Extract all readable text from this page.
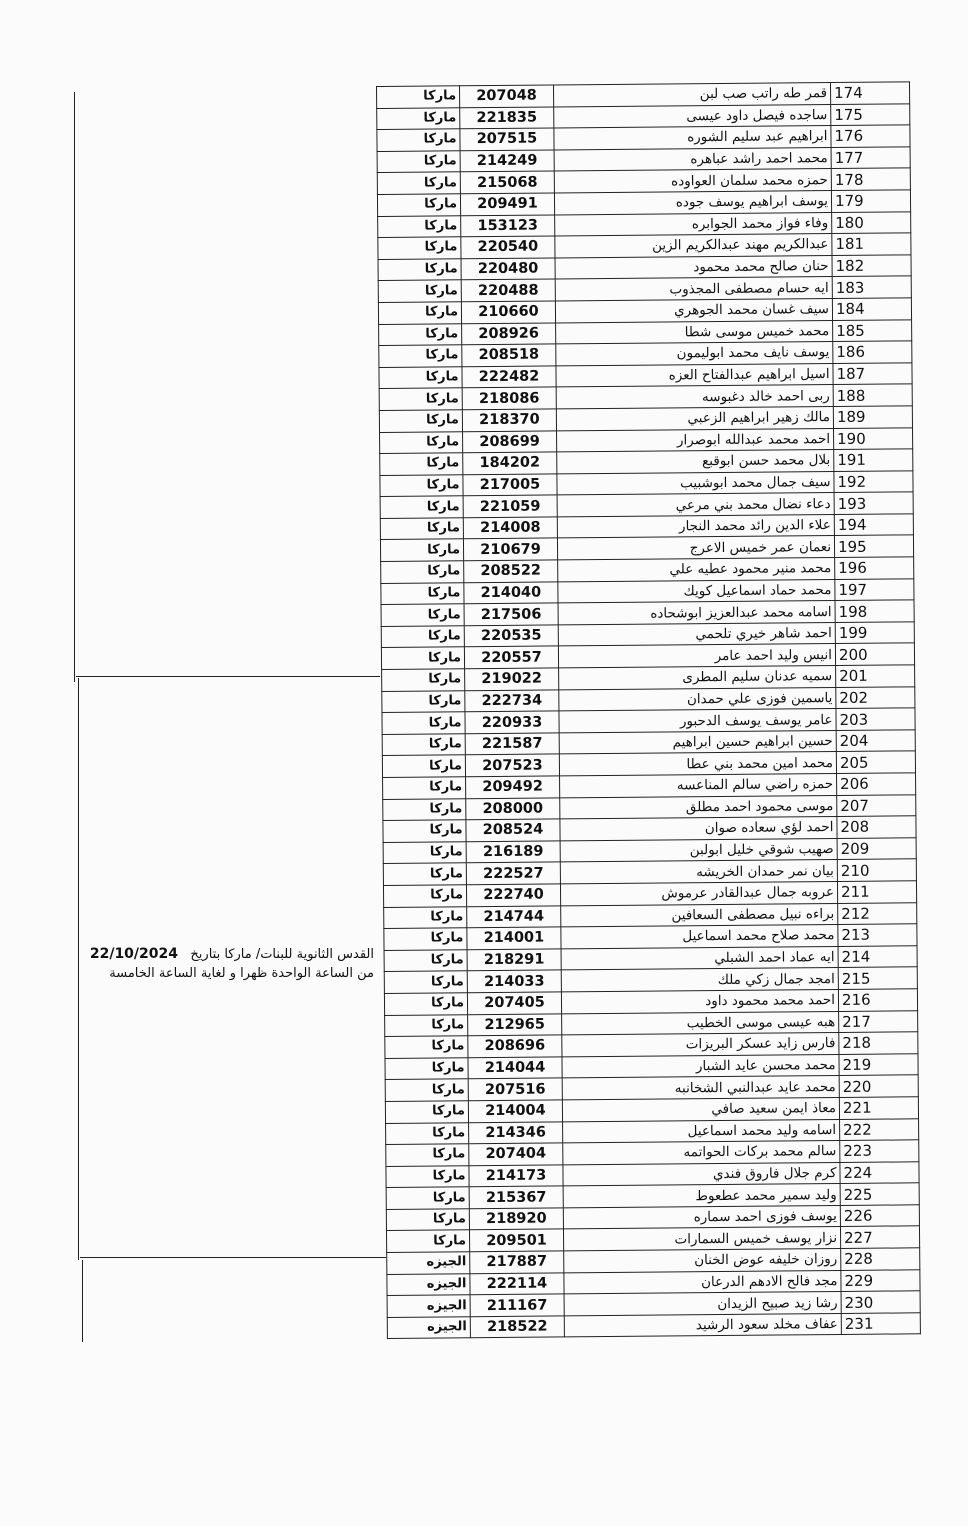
ماركا	207048	قمر طه راتب صب لبن	174
ماركا	221835	ساجده فيصل داود عيسى	175
ماركا	207515	ابراهيم عبد سليم الشوره	176
ماركا	214249	محمد احمد راشد عباهره	177
ماركا	215068	حمزه محمد سلمان العواوده	178
ماركا	209491	يوسف ابراهيم يوسف جوده	179
ماركا	153123	وفاء فواز محمد الجوابره	180
ماركا	220540	عبدالكريم مهند عبدالكريم الزين	181
ماركا	220480	حنان صالح محمد محمود	182
ماركا	220488	ايه حسام مصطفى المجذوب	183
ماركا	210660	سيف غسان محمد الجوهري	184
ماركا	208926	محمد خميس موسى شطا	185
ماركا	208518	يوسف نايف محمد ابوليمون	186
ماركا	222482	اسيل ابراهيم عبدالفتاح العزه	187
ماركا	218086	ربى احمد خالد دغبوسه	188
ماركا	218370	مالك زهير ابراهيم الزعبي	189
ماركا	208699	احمد محمد عبدالله ابوصرار	190
ماركا	184202	بلال محمد حسن ابوقبع	191
ماركا	217005	سيف جمال محمد ابوشبيب	192
ماركا	221059	دعاء نضال محمد بني مرعي	193
ماركا	214008	علاء الدين رائد محمد النجار	194
ماركا	210679	نعمان عمر خميس الاعرج	195
ماركا	208522	محمد منير محمود عطيه علي	196
ماركا	214040	محمد حماد اسماعيل كويك	197
ماركا	217506	اسامه محمد عبدالعزيز ابوشحاده	198
ماركا	220535	احمد شاهر خيري تلحمي	199
ماركا	220557	انيس وليد احمد عامر	200
ماركا	219022	سميه عدنان سليم المطرى	201
ماركا	222734	ياسمين فوزى علي حمدان	202
ماركا	220933	عامر يوسف يوسف الدحبور	203
ماركا	221587	حسين ابراهيم حسين ابراهيم	204
ماركا	207523	محمد امين محمد بني عطا	205
ماركا	209492	حمزه راضي سالم المناعسه	206
ماركا	208000	موسى محمود احمد مطلق	207
ماركا	208524	احمد لؤي سعاده صوان	208
ماركا	216189	صهيب شوقي خليل ابولبن	209
ماركا	222527	بيان نمر حمدان الخريشه	210
ماركا	222740	عروبه جمال عبدالقادر عرموش	211
ماركا	214744	براءه نبيل مصطفى السعافين	212
ماركا	214001	محمد صلاح محمد اسماعيل	213
ماركا	218291	ايه عماد احمد الشبلي	214
ماركا	214033	امجد جمال زكي ملك	215
ماركا	207405	احمد محمد محمود داود	216
ماركا	212965	هبه عيسى موسى الخطيب	217
ماركا	208696	فارس زايد عسكر البريزات	218
ماركا	214044	محمد محسن عايد الشبار	219
ماركا	207516	محمد عايد عبدالنبي الشخانبه	220
ماركا	214004	معاذ ايمن سعيد صافي	221
ماركا	214346	اسامه وليد محمد اسماعيل	222
ماركا	207404	سالم محمد بركات الحواتمه	223
ماركا	214173	كرم جلال فاروق فندي	224
ماركا	215367	وليد سمير محمد عطعوط	225
ماركا	218920	يوسف فوزى احمد سماره	226
ماركا	209501	نزار يوسف خميس السمارات	227
الجيزه	217887	روزان خليفه عوض الخنان	228
الجيزه	222114	مجد فالح الادهم الدرعان	229
الجيزه	211167	رشا زيد صبيح الزيدان	230
الجيزه	218522	عفاف مخلد سعود الرشيد	231
القدس الثانوية للبنات/ ماركا بتاريخ   22/10/2024
من الساعة الواحدة ظهرا و لغاية الساعة الخامسة
